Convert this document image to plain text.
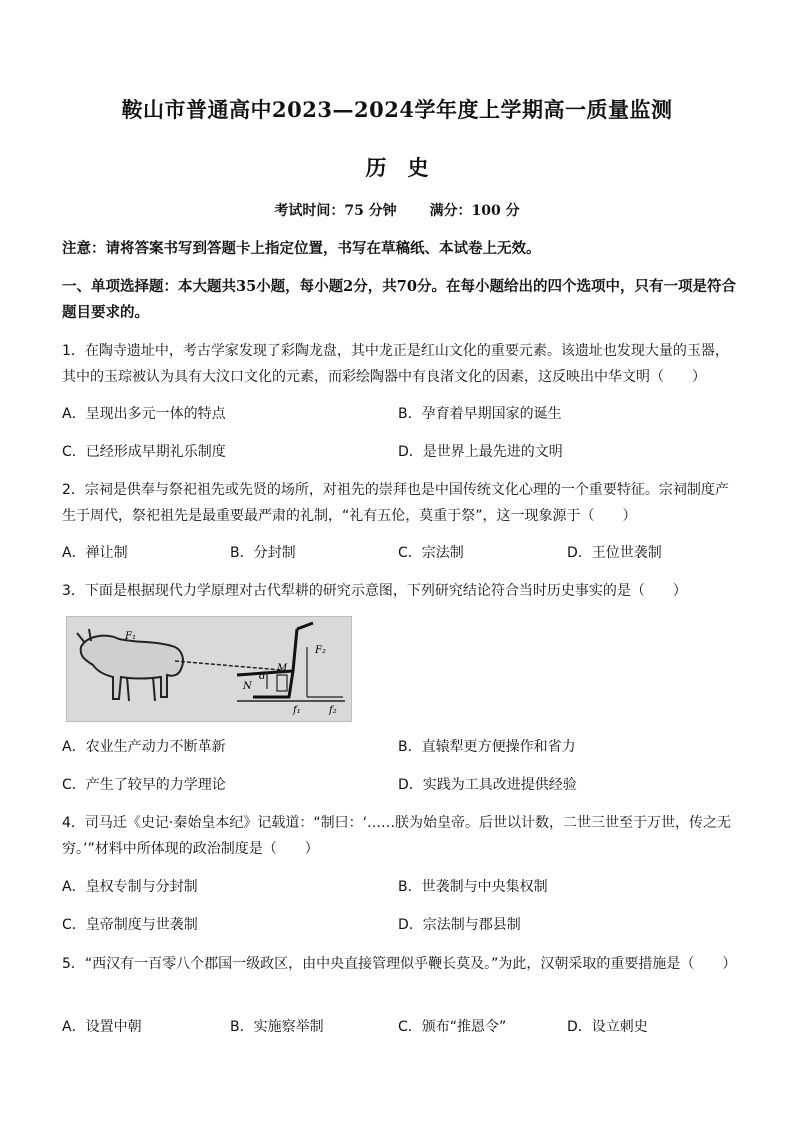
鞍山市普通高中2023—2024学年度上学期高一质量监测
历　史
考试时间：75 分钟 满分：100 分
注意：请将答案书写到答题卡上指定位置，书写在草稿纸、本试卷上无效。
一、单项选择题：本大题共35小题，每小题2分，共70分。在每小题给出的四个选项中，只有一项是符合题目要求的。
1．在陶寺遗址中，考古学家发现了彩陶龙盘，其中龙正是红山文化的重要元素。该遗址也发现大量的玉器，其中的玉琮被认为具有大汶口文化的元素，而彩绘陶器中有良渚文化的因素，这反映出中华文明（　　）
A．呈现出多元一体的特点	B．孕育着早期国家的诞生
C．已经形成早期礼乐制度	D．是世界上最先进的文明
2．宗祠是供奉与祭祀祖先或先贤的场所，对祖先的崇拜也是中国传统文化心理的一个重要特征。宗祠制度产生于周代，祭祀祖先是最重要最严肃的礼制，“礼有五伦，莫重于祭”，这一现象源于（　　）
A．禅让制	B．分封制	C．宗法制	D．王位世袭制
3．下面是根据现代力学原理对古代犁耕的研究示意图，下列研究结论符合当时历史事实的是（　　）
F₁
F₂
M
N
d
f₁	f₂
A．农业生产动力不断革新	B．直辕犁更方便操作和省力
C．产生了较早的力学理论	D．实践为工具改进提供经验
4．司马迁《史记·秦始皇本纪》记载道：“制曰：‘……朕为始皇帝。后世以计数，二世三世至于万世，传之无穷。’”材料中所体现的政治制度是（　　）
A．皇权专制与分封制	B．世袭制与中央集权制
C．皇帝制度与世袭制	D．宗法制与郡县制
5．“西汉有一百零八个郡国一级政区，由中央直接管理似乎鞭长莫及。”为此，汉朝采取的重要措施是（　　）
A．设置中朝	B．实施察举制	C．颁布“推恩令”	D．设立刺史
